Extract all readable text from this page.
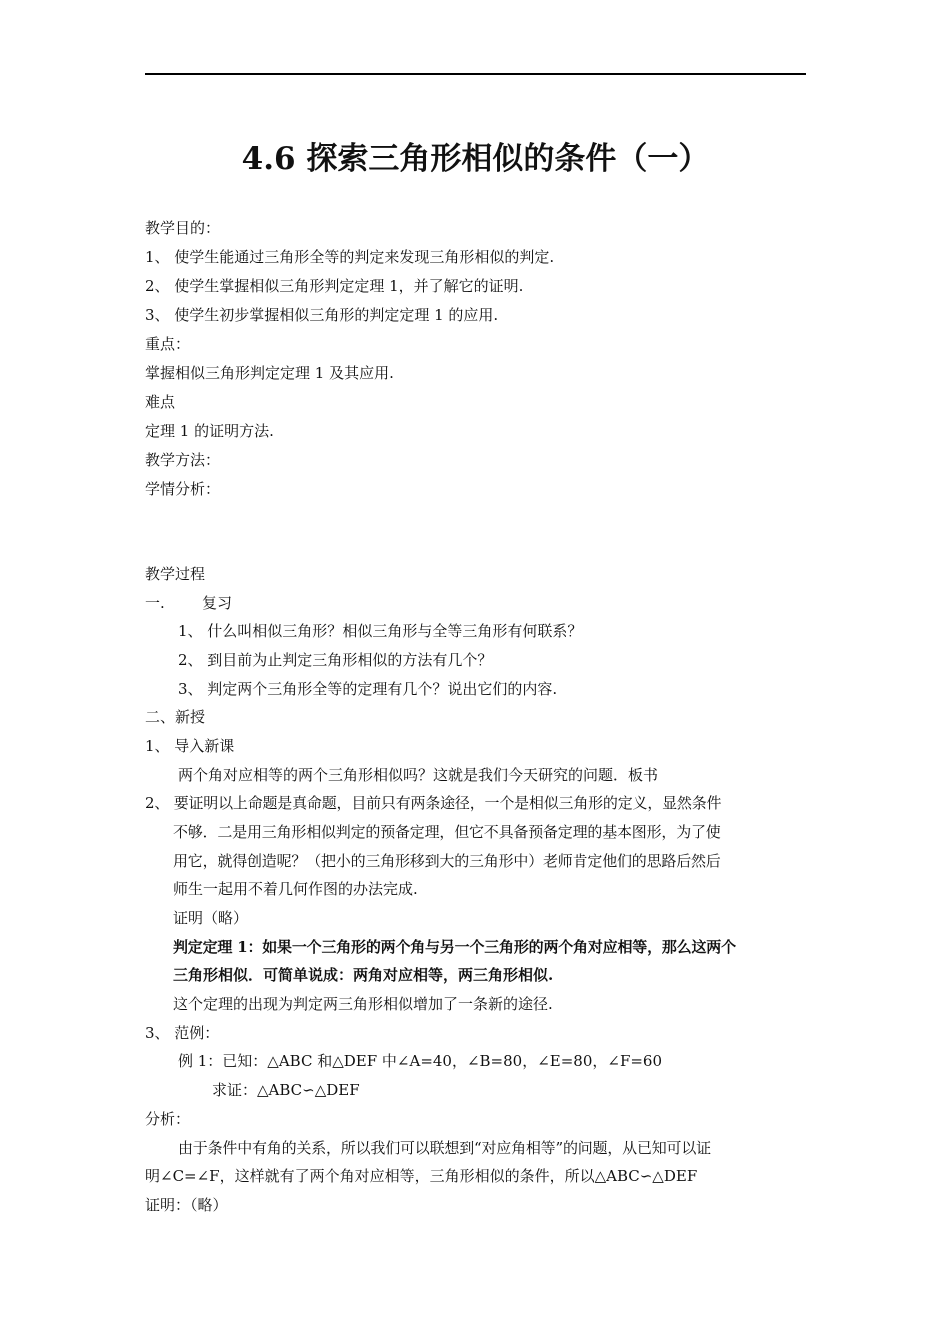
4.6 探索三角形相似的条件（一）
教学目的：
1、 使学生能通过三角形全等的判定来发现三角形相似的判定.
2、 使学生掌握相似三角形判定定理 1，并了解它的证明.
3、 使学生初步掌握相似三角形的判定定理 1 的应用.
重点：
掌握相似三角形判定定理 1 及其应用.
难点
定理 1 的证明方法.
教学方法：
学情分析：
教学过程
一. 复习
1、 什么叫相似三角形？相似三角形与全等三角形有何联系？
2、 到目前为止判定三角形相似的方法有几个？
3、 判定两个三角形全等的定理有几个？说出它们的内容.
二、新授
1、 导入新课
两个角对应相等的两个三角形相似吗？这就是我们今天研究的问题．板书
2、 要证明以上命题是真命题，目前只有两条途径，一个是相似三角形的定义，显然条件
不够．二是用三角形相似判定的预备定理，但它不具备预备定理的基本图形，为了使
用它，就得创造呢？（把小的三角形移到大的三角形中）老师肯定他们的思路后然后
师生一起用不着几何作图的办法完成.
证明（略）
判定定理 1：如果一个三角形的两个角与另一个三角形的两个角对应相等，那么这两个
三角形相似．可简单说成：两角对应相等，两三角形相似.
这个定理的出现为判定两三角形相似增加了一条新的途径.
3、 范例：
例 1：已知：△ABC 和△DEF 中∠A=40，∠B=80，∠E=80，∠F=60
求证：△ABC∽△DEF
分析：
由于条件中有角的关系，所以我们可以联想到“对应角相等”的问题，从已知可以证
明∠C=∠F，这样就有了两个角对应相等，三角形相似的条件，所以△ABC∽△DEF
证明：（略）
